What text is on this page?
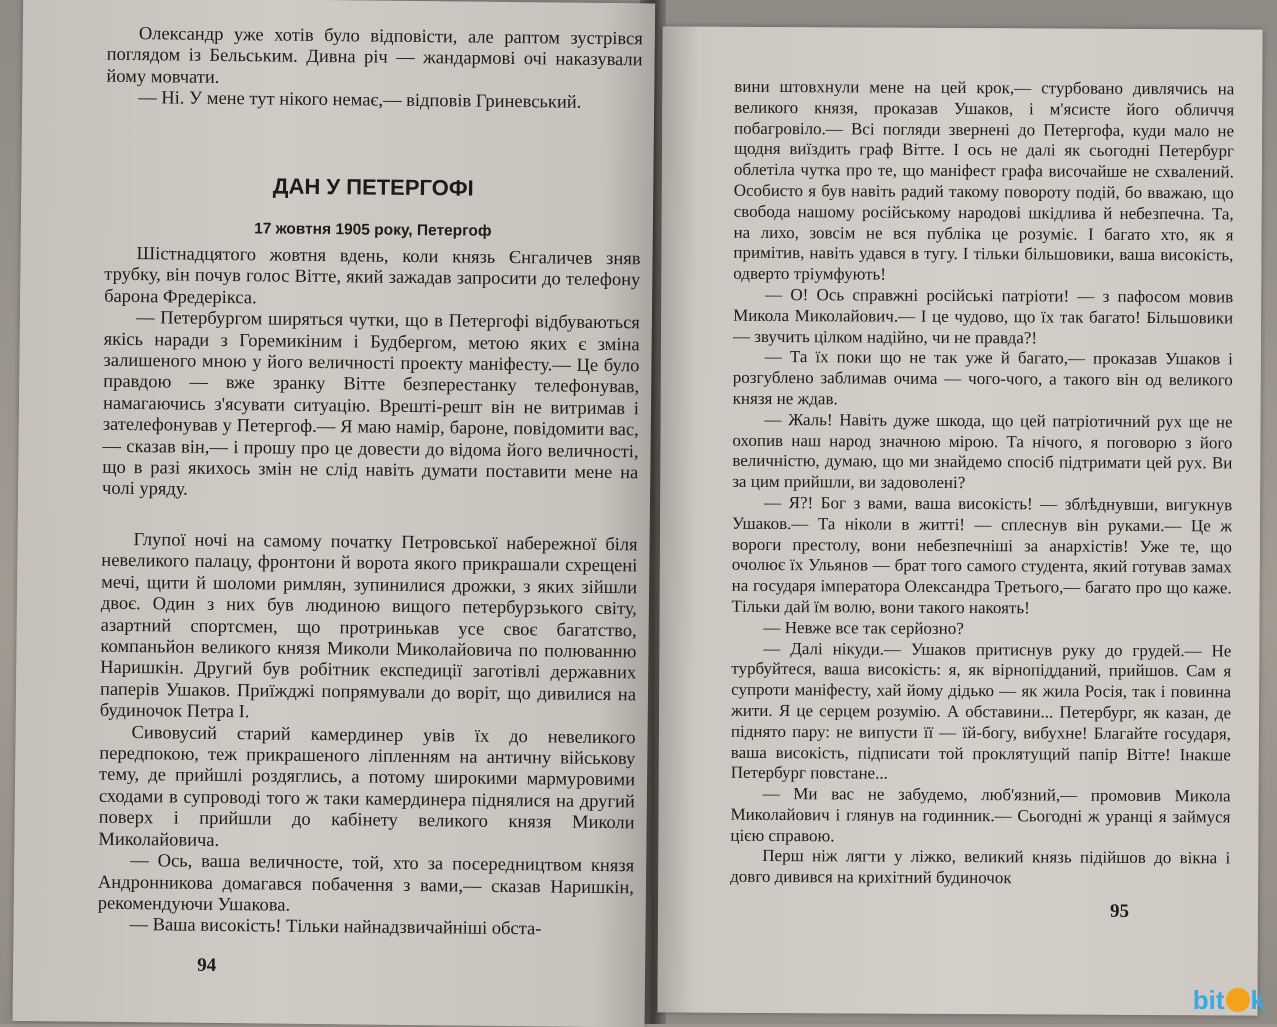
Олександр уже хотів було відповісти, але раптом зустрівся поглядом із Бельським. Дивна річ — жандармові очі наказували йому мовчати.

— Ні. У мене тут нікого немає,— відповів Гриневський.

ДАН У ПЕТЕРГОФІ

17 жовтня 1905 року, Петергоф

Шістнадцятого жовтня вдень, коли князь Єнгаличев зняв трубку, він почув голос Вітте, який зажадав запросити до телефону барона Фредерікса.

— Петербургом ширяться чутки, що в Петергофі відбуваються якісь наради з Горемикіним і Будбергом, метою яких є зміна залишеного мною у його величності проекту маніфесту.— Це було правдою — вже зранку Вітте безперестанку телефонував, намагаючись з'ясувати ситуацію. Врешті-решт він не витримав і зателефонував у Петергоф.— Я маю намір, бароне, повідомити вас,— сказав він,— і прошу про це довести до відома його величності, що в разі якихось змін не слід навіть думати поставити мене на чолі уряду.

Глупої ночі на самому початку Петровської набережної біля невеликого палацу, фронтони й ворота якого прикрашали схрещені мечі, щити й шоломи римлян, зупинилися дрожки, з яких зійшли двоє. Один з них був людиною вищого петербурзького світу, азартний спортсмен, що протринькав усе своє багатство, компаньйон великого князя Миколи Миколайовича по полюванню Наришкін. Другий був робітник експедиції заготівлі державних паперів Ушаков. Приїжджі попрямували до воріт, що дивилися на будиночок Петра І.

Сивовусий старий камердинер увів їх до невеликого передпокою, теж прикрашеного ліпленням на античну військову тему, де прийшлі роздяглись, а потому широкими мармуровими сходами в супроводі того ж таки камердинера піднялися на другий поверх і прийшли до кабінету великого князя Миколи Миколайовича.

— Ось, ваша величносте, той, хто за посередництвом князя Андронникова домагався побачення з вами,— сказав Наришкін, рекомендуючи Ушакова.

— Ваша високість! Тільки найнадзвичайніші обста-

94

вини штовхнули мене на цей крок,— стурбовано дивлячись на великого князя, проказав Ушаков, і м'ясисте його обличчя побагровіло.— Всі погляди звернені до Петергофа, куди мало не щодня виїздить граф Вітте. І ось не далі як сьогодні Петербург облетіла чутка про те, що маніфест графа височайше не схвалений. Особисто я був навіть радий такому повороту подій, бо вважаю, що свобода нашому російському народові шкідлива й небезпечна. Та, на лихо, зовсім не вся публіка це розуміє. І багато хто, як я примітив, навіть удався в тугу. І тільки більшовики, ваша високість, одверто тріумфують!

— О! Ось справжні російські патріоти! — з пафосом мовив Микола Миколайович.— І це чудово, що їх так багато! Більшовики — звучить цілком надійно, чи не правда?!

— Та їх поки що не так уже й багато,— проказав Ушаков і розгублено заблимав очима — чого-чого, а такого він од великого князя не ждав.

— Жаль! Навіть дуже шкода, що цей патріотичний рух ще не охопив наш народ значною мірою. Та нічого, я поговорю з його величністю, думаю, що ми знайдемо спосіб підтримати цей рух. Ви за цим прийшли, ви задоволені?

— Я?! Бог з вами, ваша високість! — зблѣднувши, вигукнув Ушаков.— Та ніколи в житті! — сплеснув він руками.— Це ж вороги престолу, вони небезпечніші за анархістів! Уже те, що очолює їх Ульянов — брат того самого студента, який готував замах на государя імператора Олександра Третього,— багато про що каже. Тільки дай їм волю, вони такого накоять!

— Невже все так серйозно?

— Далі нікуди.— Ушаков притиснув руку до грудей.— Не турбуйтеся, ваша високість: я, як вірнопідданий, прийшов. Сам я супроти маніфесту, хай йому дідько — як жила Росія, так і повинна жити. Я це серцем розумію. А обставини... Петербург, як казан, де піднято пару: не випусти її — їй-богу, вибухне! Благайте государя, ваша високість, підписати той проклятущий папір Вітте! Інакше Петербург повстане...

— Ми вас не забудемо, люб'язний,— промовив Микола Миколайович і глянув на годинник.— Сьогодні ж уранці я займуся цією справою.

Перш ніж лягти у ліжко, великий князь підійшов до вікна і довго дивився на крихітний будиночок

95
bit k
